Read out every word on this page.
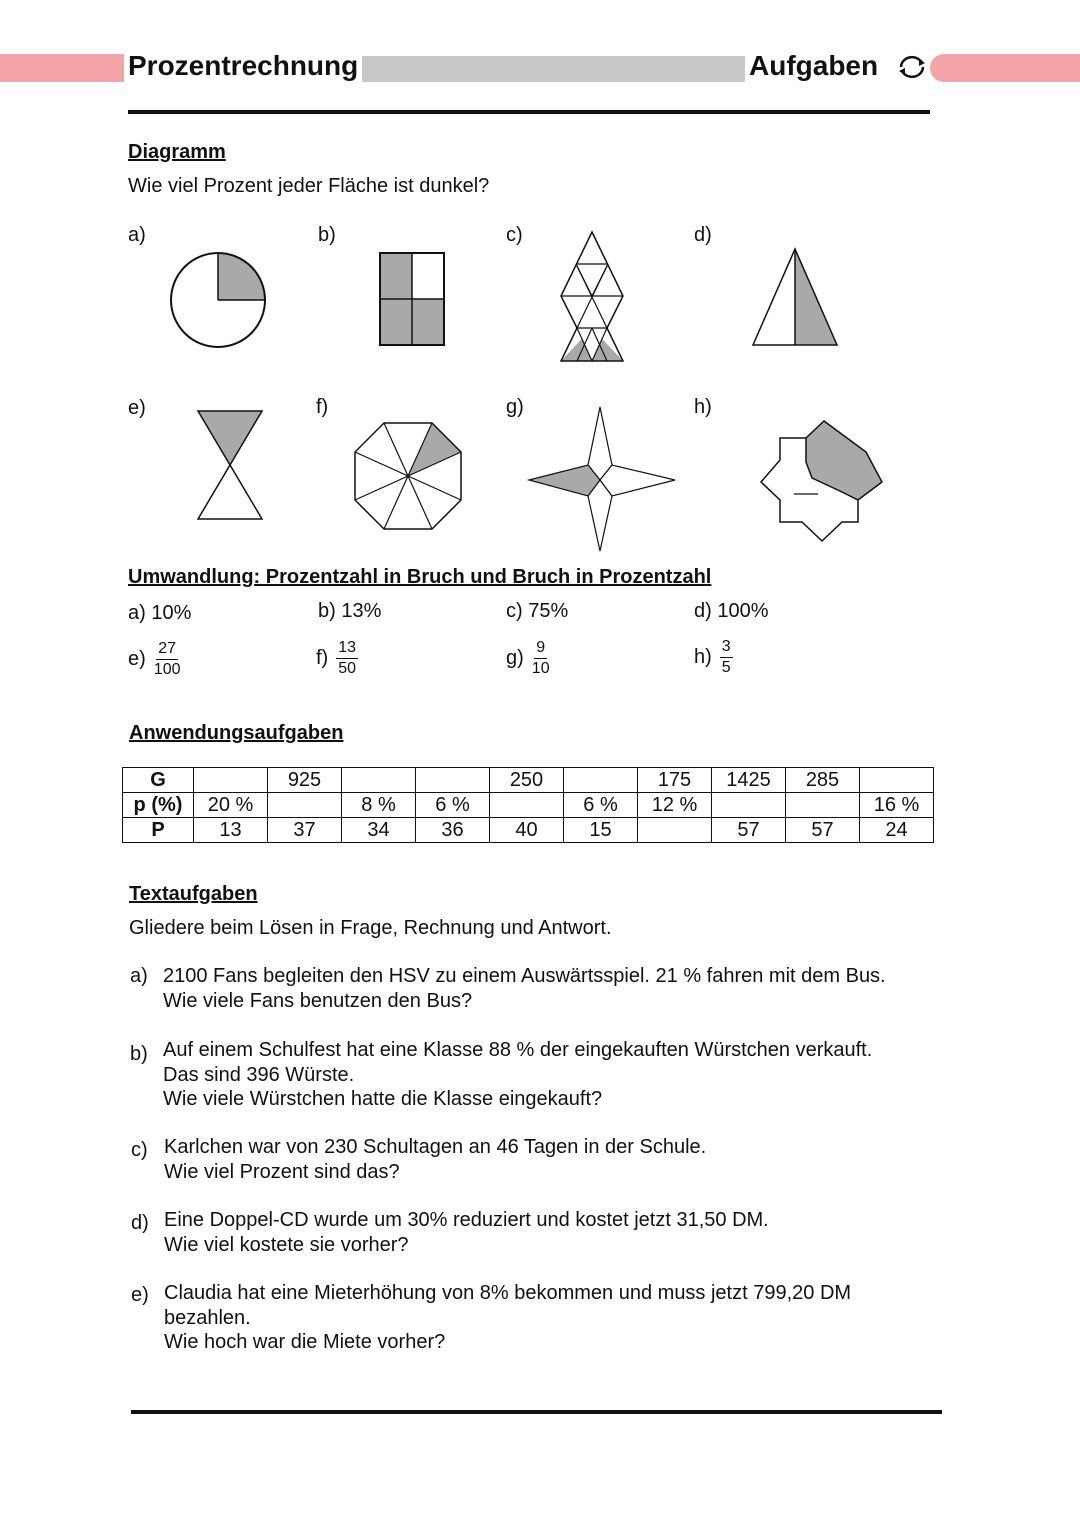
Prozentrechnung	Aufgaben
Diagramm
Wie viel Prozent jeder Fläche ist dunkel?
a)	b)	c)	d)
e)	f)	g)	h)
Umwandlung: Prozentzahl in Bruch und Bruch in Prozentzahl
a) 10%	b) 13%	c) 75%	d) 100%
$e) \frac{27}{100}$	$f) \frac{13}{50}$	$g) \frac{9}{10}$	$h) \frac{3}{5}$
Anwendungsaufgaben
G		925			250		175	1425	285	
p (%)	20 %		8 %	6 %		6 %	12 %			16 %
P	13	37	34	36	40	15		57	57	24
Textaufgaben
Gliedere beim Lösen in Frage, Rechnung und Antwort.
a) 2100 Fans begleiten den HSV zu einem Auswärtsspiel. 21 % fahren mit dem Bus.
Wie viele Fans benutzen den Bus?
b) Auf einem Schulfest hat eine Klasse 88 % der eingekauften Würstchen verkauft.
Das sind 396 Würste.
Wie viele Würstchen hatte die Klasse eingekauft?
c) Karlchen war von 230 Schultagen an 46 Tagen in der Schule.
Wie viel Prozent sind das?
d) Eine Doppel-CD wurde um 30% reduziert und kostet jetzt 31,50 DM.
Wie viel kostete sie vorher?
e) Claudia hat eine Mieterhöhung von 8% bekommen und muss jetzt 799,20 DM
bezahlen.
Wie hoch war die Miete vorher?
